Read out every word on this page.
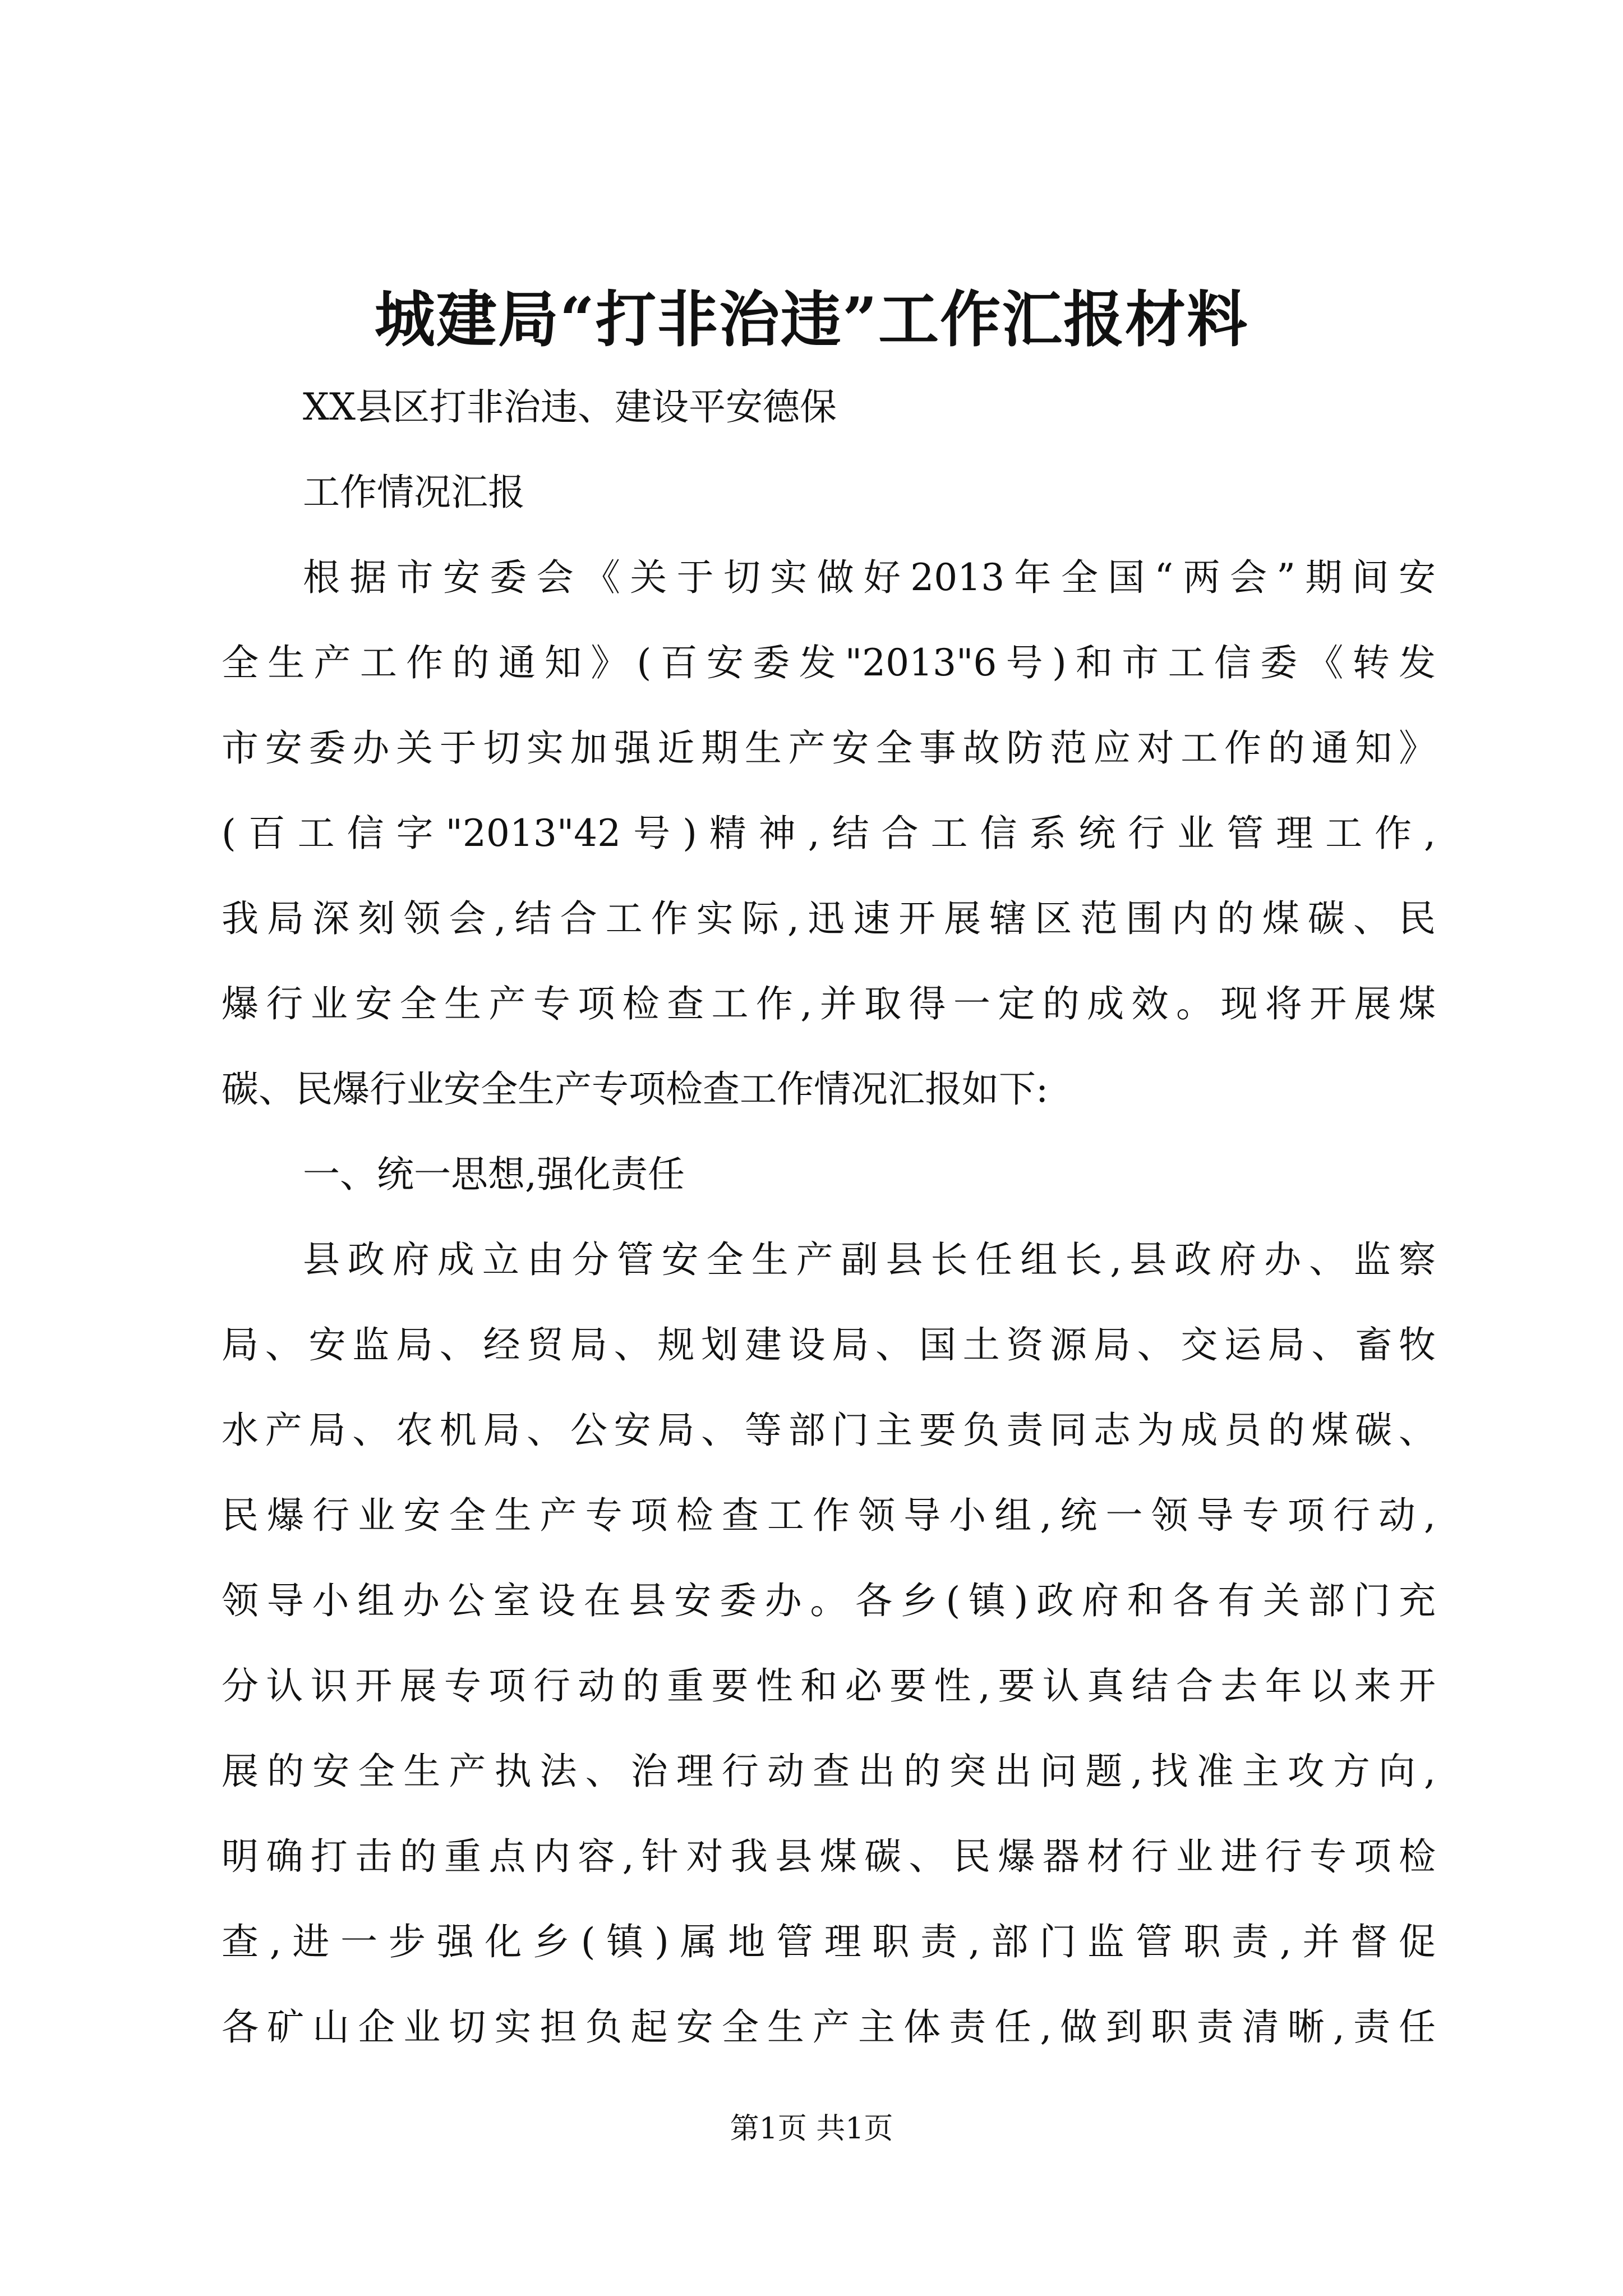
城建局“打非治违”工作汇报材料
XX县区打非治违、建设平安德保
工作情况汇报
根据市安委会《关于切实做好2013年全国“两会”期间安
全生产工作的通知》(百安委发"2013"6号)和市工信委《转发
市安委办关于切实加强近期生产安全事故防范应对工作的通知》
(百工信字"2013"42号)精神,结合工信系统行业管理工作,
我局深刻领会,结合工作实际,迅速开展辖区范围内的煤碳、民
爆行业安全生产专项检查工作,并取得一定的成效。现将开展煤
碳、民爆行业安全生产专项检查工作情况汇报如下:
一、统一思想,强化责任
县政府成立由分管安全生产副县长任组长,县政府办、监察
局、安监局、经贸局、规划建设局、国土资源局、交运局、畜牧
水产局、农机局、公安局、等部门主要负责同志为成员的煤碳、
民爆行业安全生产专项检查工作领导小组,统一领导专项行动,
领导小组办公室设在县安委办。各乡(镇)政府和各有关部门充
分认识开展专项行动的重要性和必要性,要认真结合去年以来开
展的安全生产执法、治理行动查出的突出问题,找准主攻方向,
明确打击的重点内容,针对我县煤碳、民爆器材行业进行专项检
查,进一步强化乡(镇)属地管理职责,部门监管职责,并督促
各矿山企业切实担负起安全生产主体责任,做到职责清晰,责任
第1页 共1页
